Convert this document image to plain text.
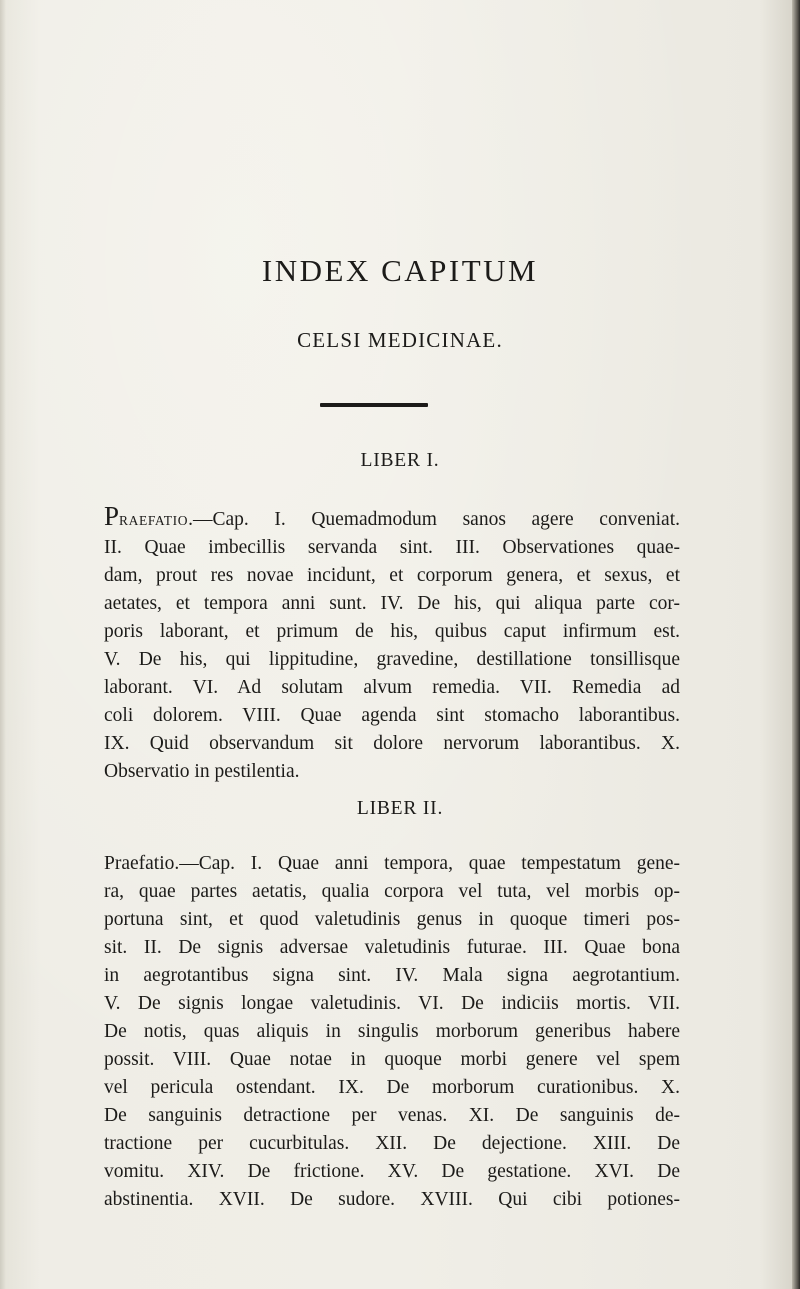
INDEX CAPITUM
CELSI MEDICINAE.
LIBER I.
PRAEFATIO.—Cap. I. Quemadmodum sanos agere conveniat.
II. Quae imbecillis servanda sint. III. Observationes quae-
dam, prout res novae incidunt, et corporum genera, et sexus, et
aetates, et tempora anni sunt. IV. De his, qui aliqua parte cor-
poris laborant, et primum de his, quibus caput infirmum est.
V. De his, qui lippitudine, gravedine, destillatione tonsillisque
laborant. VI. Ad solutam alvum remedia. VII. Remedia ad
coli dolorem. VIII. Quae agenda sint stomacho laborantibus.
IX. Quid observandum sit dolore nervorum laborantibus. X.
Observatio in pestilentia.
LIBER II.
Praefatio.—Cap. I. Quae anni tempora, quae tempestatum gene-
ra, quae partes aetatis, qualia corpora vel tuta, vel morbis op-
portuna sint, et quod valetudinis genus in quoque timeri pos-
sit. II. De signis adversae valetudinis futurae. III. Quae bona
in aegrotantibus signa sint. IV. Mala signa aegrotantium.
V. De signis longae valetudinis. VI. De indiciis mortis. VII.
De notis, quas aliquis in singulis morborum generibus habere
possit. VIII. Quae notae in quoque morbi genere vel spem
vel pericula ostendant. IX. De morborum curationibus. X.
De sanguinis detractione per venas. XI. De sanguinis de-
tractione per cucurbitulas. XII. De dejectione. XIII. De
vomitu. XIV. De frictione. XV. De gestatione. XVI. De
abstinentia. XVII. De sudore. XVIII. Qui cibi potiones-
